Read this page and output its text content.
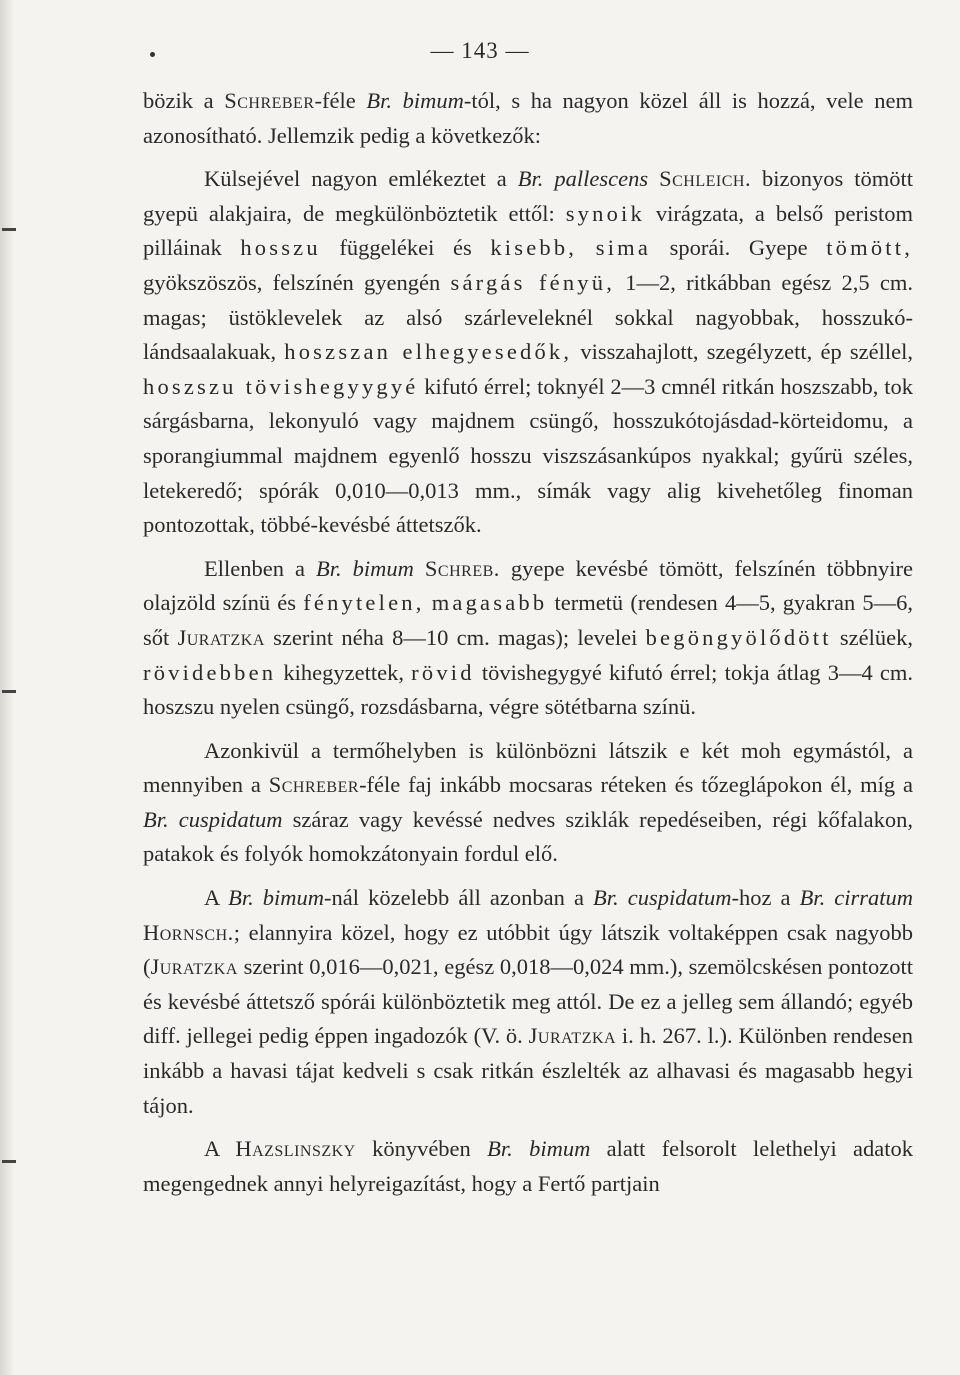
— 143 —

bözik a Schreber-féle Br. bimum-tól, s ha nagyon közel áll is hozzá, vele nem azonosítható. Jellemzik pedig a következők:

Külsejével nagyon emlékeztet a Br. pallescens Schleich. bizonyos tömött gyepü alakjaira, de megkülönböztetik ettől: synoik virágzata, a belső peristom pilláinak hosszu függelékei és kisebb, sima sporái. Gyepe tömött, gyökszöszös, felszínén gyengén sárgás fényü, 1—2, ritkábban egész 2,5 cm. magas; üstöklevelek az alsó szárleveleknél sokkal nagyobbak, hosszukó-lándsaalakuak, hoszszan elhegyesedők, visszahajlott, szegélyzett, ép széllel, hoszszu tövishegyygyé kifutó érrel; toknyél 2—3 cmnél ritkán hoszszabb, tok sárgásbarna, lekonyuló vagy majdnem csüngő, hosszukótojásdad-körteidomu, a sporangiummal majdnem egyenlő hosszu viszszásankúpos nyakkal; gyűrü széles, letekeredő; spórák 0,010—0,013 mm., símák vagy alig kivehetőleg finoman pontozottak, többé-kevésbé áttetszők.

Ellenben a Br. bimum Schreb. gyepe kevésbé tömött, felszínén többnyire olajzöld színü és fénytelen, magasabb termetü (rendesen 4—5, gyakran 5—6, sőt Juratzka szerint néha 8—10 cm. magas); levelei begöngyölődött szélüek, rövidebben kihegyzettek, rövid tövishegygyé kifutó érrel; tokja átlag 3—4 cm. hoszszu nyelen csüngő, rozsdásbarna, végre sötétbarna színü.

Azonkivül a termőhelyben is különbözni látszik e két moh egymástól, a mennyiben a Schreber-féle faj inkább mocsaras réteken és tőzeglápokon él, míg a Br. cuspidatum száraz vagy kevéssé nedves sziklák repedéseiben, régi kőfalakon, patakok és folyók homokzátonyain fordul elő.

A Br. bimum-nál közelebb áll azonban a Br. cuspidatum-hoz a Br. cirratum Hornsch.; elannyira közel, hogy ez utóbbit úgy látszik voltaképpen csak nagyobb (Juratzka szerint 0,016—0,021, egész 0,018—0,024 mm.), szemölcskésen pontozott és kevésbé áttetsző spórái különböztetik meg attól. De ez a jelleg sem állandó; egyéb diff. jellegei pedig éppen ingadozók (V. ö. Juratzka i. h. 267. l.). Különben rendesen inkább a havasi tájat kedveli s csak ritkán észlelték az alhavasi és magasabb hegyi tájon.

A Hazslinszky könyvében Br. bimum alatt felsorolt lelethelyi adatok megengednek annyi helyreigazítást, hogy a Fertő partjain
